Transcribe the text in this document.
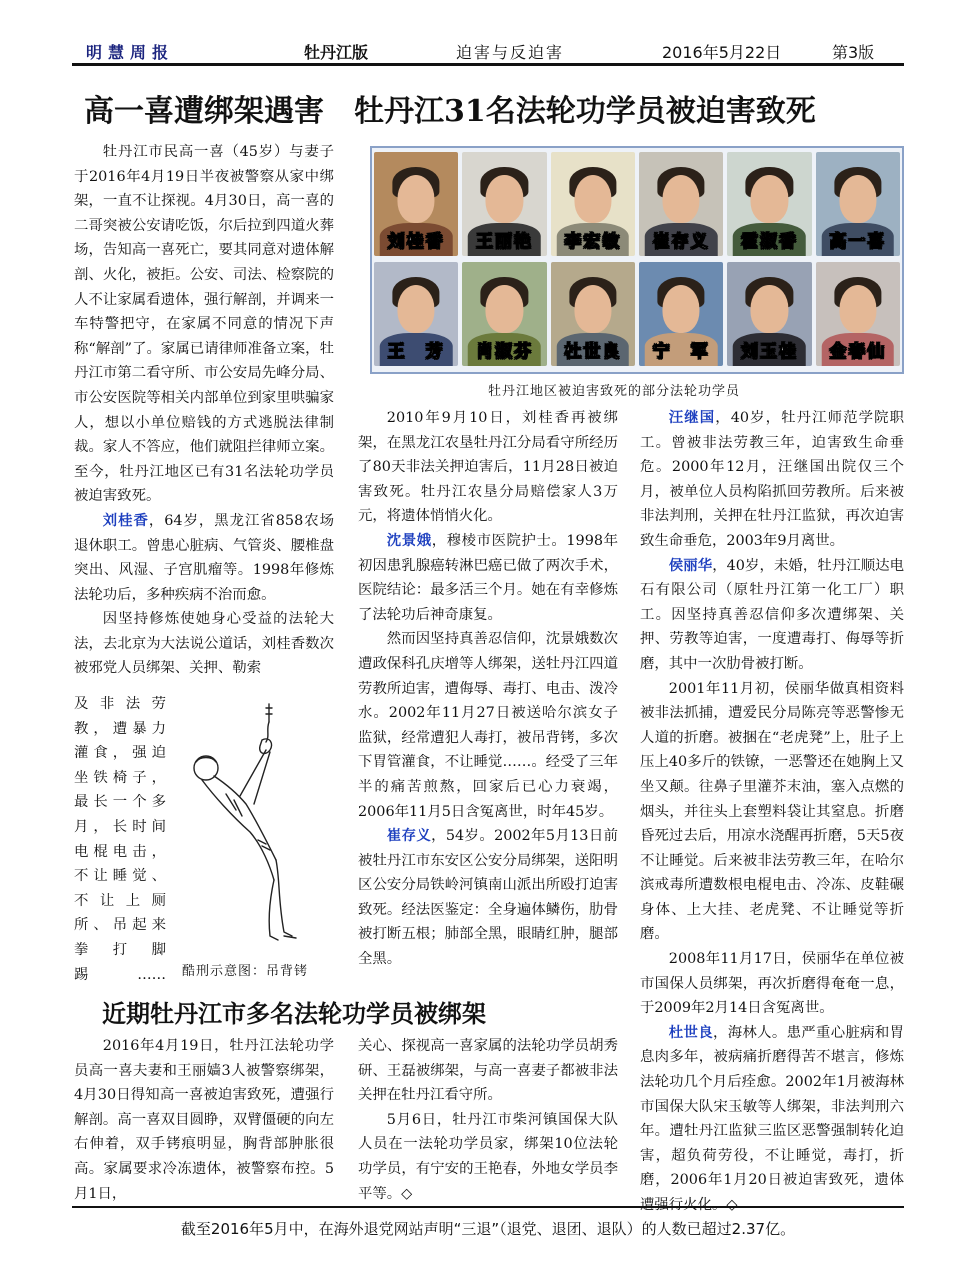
明慧周报	牡丹江版	迫害与反迫害	2016年5月22日	第3版
高一喜遭绑架遇害　牡丹江31名法轮功学员被迫害致死

牡丹江市民高一喜（45岁）与妻子于2016年4月19日半夜被警察从家中绑架，一直不让探视。4月30日，高一喜的二哥突被公安请吃饭，尔后拉到四道火葬场，告知高一喜死亡，要其同意对遗体解剖、火化，被拒。公安、司法、检察院的人不让家属看遗体，强行解剖，并调来一车特警把守，在家属不同意的情况下声称“解剖”了。家属已请律师准备立案，牡丹江市第二看守所、市公安局先峰分局、市公安医院等相关内部单位到家里哄骗家人，想以小单位赔钱的方式逃脱法律制裁。家人不答应，他们就阻拦律师立案。至今，牡丹江地区已有31名法轮功学员被迫害致死。

刘桂香，64岁，黑龙江省858农场退休职工。曾患心脏病、气管炎、腰椎盘突出、风湿、子宫肌瘤等。1998年修炼法轮功后，多种疾病不治而愈。

因坚持修炼使她身心受益的法轮大法，去北京为大法说公道话，刘桂香数次被邪党人员绑架、关押、勒索

及非法劳
教，遭暴力
灌食，强迫
坐铁椅子，
最长一个多
月，长时间
电棍电击，
不让睡觉、
不让上厕
所、吊起来
拳打脚
踢……
刘桂香	王丽艳	李宏敏	崔存义	霍淑香	高一喜
王　芳	肖淑芬	杜世良	宁　军	刘玉桂	金春仙
牡丹江地区被迫害致死的部分法轮功学员
酷刑示意图：吊背铐

2010年9月10日，刘桂香再被绑架，在黑龙江农垦牡丹江分局看守所经历了80天非法关押迫害后，11月28日被迫害致死。牡丹江农垦分局赔偿家人3万元，将遗体悄悄火化。

沈景娥，穆棱市医院护士。1998年初因患乳腺癌转淋巴癌已做了两次手术，医院结论：最多活三个月。她在有幸修炼了法轮功后神奇康复。

然而因坚持真善忍信仰，沈景娥数次遭政保科孔庆增等人绑架，送牡丹江四道劳教所迫害，遭侮辱、毒打、电击、泼冷水。2002年11月27日被送哈尔滨女子监狱，经常遭犯人毒打，被吊背铐，多次下胃管灌食，不让睡觉……。经受了三年半的痛苦煎熬，回家后已心力衰竭，2006年11月5日含冤离世，时年45岁。

崔存义，54岁。2002年5月13日前被牡丹江市东安区公安分局绑架，送阳明区公安分局铁岭河镇南山派出所殴打迫害致死。经法医鉴定：全身遍体鳞伤，肋骨被打断五根；肺部全黑，眼睛红肿，腿部全黑。

汪继国，40岁，牡丹江师范学院职工。曾被非法劳教三年，迫害致生命垂危。2000年12月，汪继国出院仅三个月，被单位人员构陷抓回劳教所。后来被非法判刑，关押在牡丹江监狱，再次迫害致生命垂危，2003年9月离世。

侯丽华，40岁，未婚，牡丹江顺达电石有限公司（原牡丹江第一化工厂）职工。因坚持真善忍信仰多次遭绑架、关押、劳教等迫害，一度遭毒打、侮辱等折磨，其中一次肋骨被打断。

2001年11月初，侯丽华做真相资料被非法抓捕，遭爱民分局陈亮等恶警惨无人道的折磨。被捆在“老虎凳”上，肚子上压上40多斤的铁镣，一恶警还在她胸上又坐又颠。往鼻子里灌芥末油，塞入点燃的烟头，并往头上套塑料袋让其窒息。折磨昏死过去后，用凉水浇醒再折磨，5天5夜不让睡觉。后来被非法劳教三年，在哈尔滨戒毒所遭数根电棍电击、冷冻、皮鞋碾身体、上大挂、老虎凳、不让睡觉等折磨。

2008年11月17日，侯丽华在单位被市国保人员绑架，再次折磨得奄奄一息，于2009年2月14日含冤离世。

杜世良，海林人。患严重心脏病和胃息肉多年，被病痛折磨得苦不堪言，修炼法轮功几个月后痊愈。2002年1月被海林市国保大队宋玉敏等人绑架，非法判刑六年。遭牡丹江监狱三监区恶警强制转化迫害，超负荷劳役，不让睡觉，毒打，折磨，2006年1月20日被迫害致死，遗体遭强行火化。◇

近期牡丹江市多名法轮功学员被绑架

2016年4月19日，牡丹江法轮功学员高一喜夫妻和王丽嫱3人被警察绑架，4月30日得知高一喜被迫害致死，遭强行解剖。高一喜双目圆睁，双臂僵硬的向左右伸着，双手铐痕明显，胸背部肿胀很高。家属要求冷冻遗体，被警察布控。5月1日，

关心、探视高一喜家属的法轮功学员胡秀研、王磊被绑架，与高一喜妻子都被非法关押在牡丹江看守所。

5月6日，牡丹江市柴河镇国保大队人员在一法轮功学员家，绑架10位法轮功学员，有宁安的王艳春，外地女学员李平等。◇

截至2016年5月中，在海外退党网站声明“三退”（退党、退团、退队）的人数已超过2.37亿。
